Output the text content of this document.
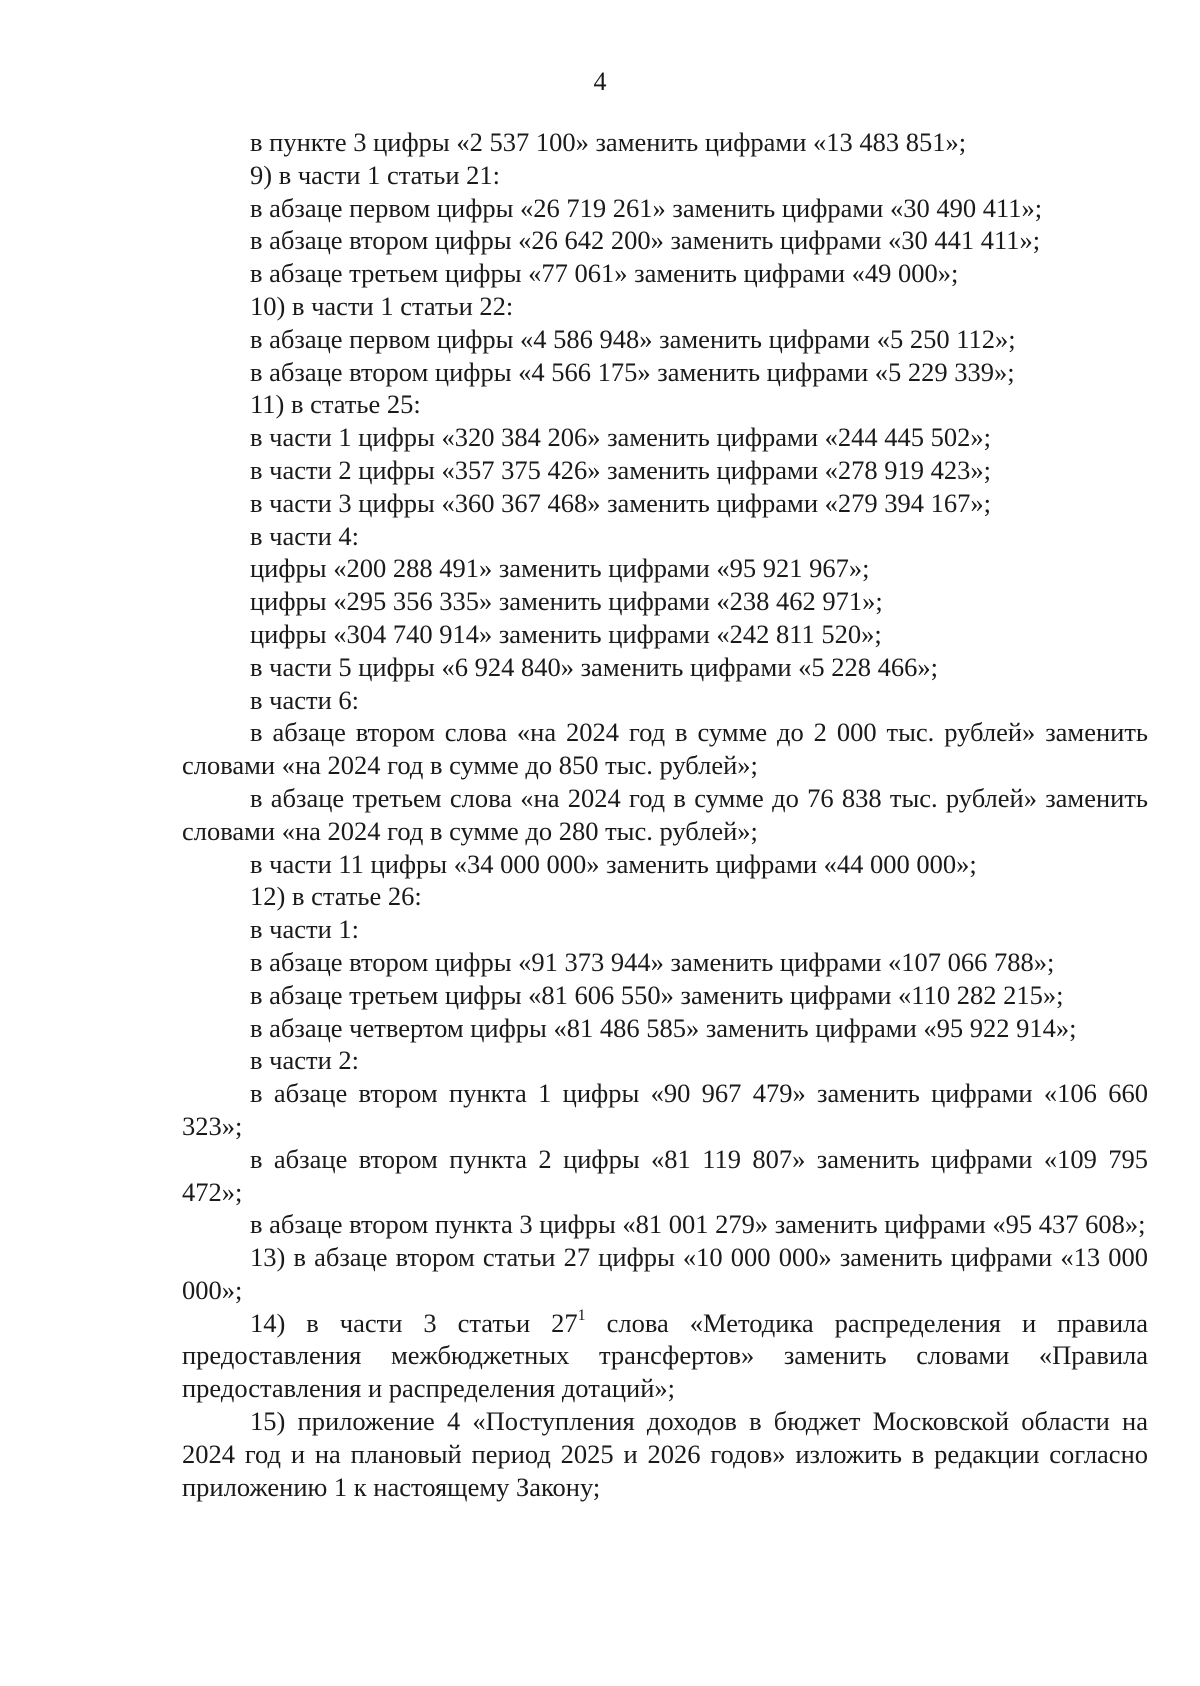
4
в пункте 3 цифры «2 537 100» заменить цифрами «13 483 851»;
9) в части 1 статьи 21:
в абзаце первом цифры «26 719 261» заменить цифрами «30 490 411»;
в абзаце втором цифры «26 642 200» заменить цифрами «30 441 411»;
в абзаце третьем цифры «77 061» заменить цифрами «49 000»;
10) в части 1 статьи 22:
в абзаце первом цифры «4 586 948» заменить цифрами «5 250 112»;
в абзаце втором цифры «4 566 175» заменить цифрами «5 229 339»;
11) в статье 25:
в части 1 цифры «320 384 206» заменить цифрами «244 445 502»;
в части 2 цифры «357 375 426» заменить цифрами «278 919 423»;
в части 3 цифры «360 367 468» заменить цифрами «279 394 167»;
в части 4:
цифры «200 288 491» заменить цифрами «95 921 967»;
цифры «295 356 335» заменить цифрами «238 462 971»;
цифры «304 740 914» заменить цифрами «242 811 520»;
в части 5 цифры «6 924 840» заменить цифрами «5 228 466»;
в части 6:
в абзаце втором слова «на 2024 год в сумме до 2 000 тыс. рублей» заменить словами «на 2024 год в сумме до 850 тыс. рублей»;
в абзаце третьем слова «на 2024 год в сумме до 76 838 тыс. рублей» заменить словами «на 2024 год в сумме до 280 тыс. рублей»;
в части 11 цифры «34 000 000» заменить цифрами «44 000 000»;
12) в статье 26:
в части 1:
в абзаце втором цифры «91 373 944» заменить цифрами «107 066 788»;
в абзаце третьем цифры «81 606 550» заменить цифрами «110 282 215»;
в абзаце четвертом цифры «81 486 585» заменить цифрами «95 922 914»;
в части 2:
в абзаце втором пункта 1 цифры «90 967 479» заменить цифрами «106 660 323»;
в абзаце втором пункта 2 цифры «81 119 807» заменить цифрами «109 795 472»;
в абзаце втором пункта 3 цифры «81 001 279» заменить цифрами «95 437 608»;
13) в абзаце втором статьи 27 цифры «10 000 000» заменить цифрами «13 000 000»;
14) в части 3 статьи $27^1$ слова «Методика распределения и правила предоставления межбюджетных трансфертов» заменить словами «Правила предоставления и распределения дотаций»;
15) приложение 4 «Поступления доходов в бюджет Московской области на 2024 год и на плановый период 2025 и 2026 годов» изложить в редакции согласно приложению 1 к настоящему Закону;
